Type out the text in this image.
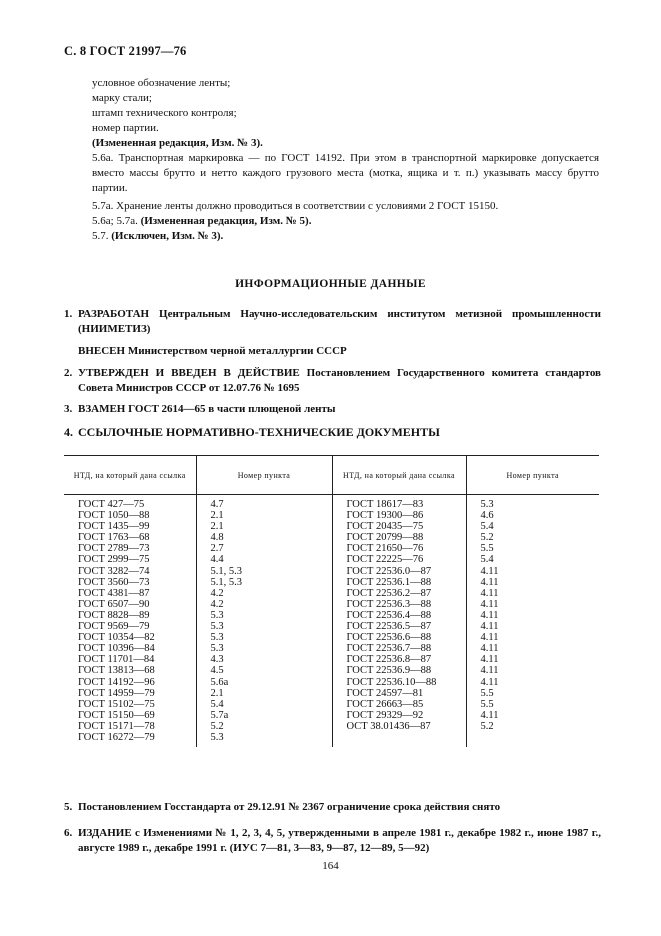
С. 8 ГОСТ 21997—76

условное обозначение ленты;

марку стали;

штамп технического контроля;

номер партии.

(Измененная редакция, Изм. № 3).

5.6а. Транспортная маркировка — по ГОСТ 14192. При этом в транспортной маркировке допускается вместо массы брутто и нетто каждого грузового места (мотка, ящика и т. п.) указывать массу брутто партии.

5.7а. Хранение ленты должно проводиться в соответствии с условиями 2 ГОСТ 15150.

5.6а; 5.7а. (Измененная редакция, Изм. № 5).

5.7. (Исключен, Изм. № 3).

ИНФОРМАЦИОННЫЕ ДАННЫЕ
1. РАЗРАБОТАН Центральным Научно-исследовательским институтом метизной промышленности (НИИМЕТИЗ)
ВНЕСЕН Министерством черной металлургии СССР
2. УТВЕРЖДЕН И ВВЕДЕН В ДЕЙСТВИЕ Постановлением Государственного комитета стандартов Совета Министров СССР от 12.07.76 № 1695
3. ВЗАМЕН ГОСТ 2614—65 в части плющеной ленты
4. ССЫЛОЧНЫЕ НОРМАТИВНО-ТЕХНИЧЕСКИЕ ДОКУМЕНТЫ
НТД, на который дана ссылка	Номер пункта	НТД, на который дана ссылка	Номер пункта
ГОСТ 427—75	4.7	ГОСТ 18617—83	5.3
ГОСТ 1050—88	2.1	ГОСТ 19300—86	4.6
ГОСТ 1435—99	2.1	ГОСТ 20435—75	5.4
ГОСТ 1763—68	4.8	ГОСТ 20799—88	5.2
ГОСТ 2789—73	2.7	ГОСТ 21650—76	5.5
ГОСТ 2999—75	4.4	ГОСТ 22225—76	5.4
ГОСТ 3282—74	5.1, 5.3	ГОСТ 22536.0—87	4.11
ГОСТ 3560—73	5.1, 5.3	ГОСТ 22536.1—88	4.11
ГОСТ 4381—87	4.2	ГОСТ 22536.2—87	4.11
ГОСТ 6507—90	4.2	ГОСТ 22536.3—88	4.11
ГОСТ 8828—89	5.3	ГОСТ 22536.4—88	4.11
ГОСТ 9569—79	5.3	ГОСТ 22536.5—87	4.11
ГОСТ 10354—82	5.3	ГОСТ 22536.6—88	4.11
ГОСТ 10396—84	5.3	ГОСТ 22536.7—88	4.11
ГОСТ 11701—84	4.3	ГОСТ 22536.8—87	4.11
ГОСТ 13813—68	4.5	ГОСТ 22536.9—88	4.11
ГОСТ 14192—96	5.6а	ГОСТ 22536.10—88	4.11
ГОСТ 14959—79	2.1	ГОСТ 24597—81	5.5
ГОСТ 15102—75	5.4	ГОСТ 26663—85	5.5
ГОСТ 15150—69	5.7а	ГОСТ 29329—92	4.11
ГОСТ 15171—78	5.2	ОСТ 38.01436—87	5.2
ГОСТ 16272—79	5.3		
5. Постановлением Госстандарта от 29.12.91 № 2367 ограничение срока действия снято
6. ИЗДАНИЕ с Изменениями № 1, 2, 3, 4, 5, утвержденными в апреле 1981 г., декабре 1982 г., июне 1987 г., августе 1989 г., декабре 1991 г. (ИУС 7—81, 3—83, 9—87, 12—89, 5—92)
164
